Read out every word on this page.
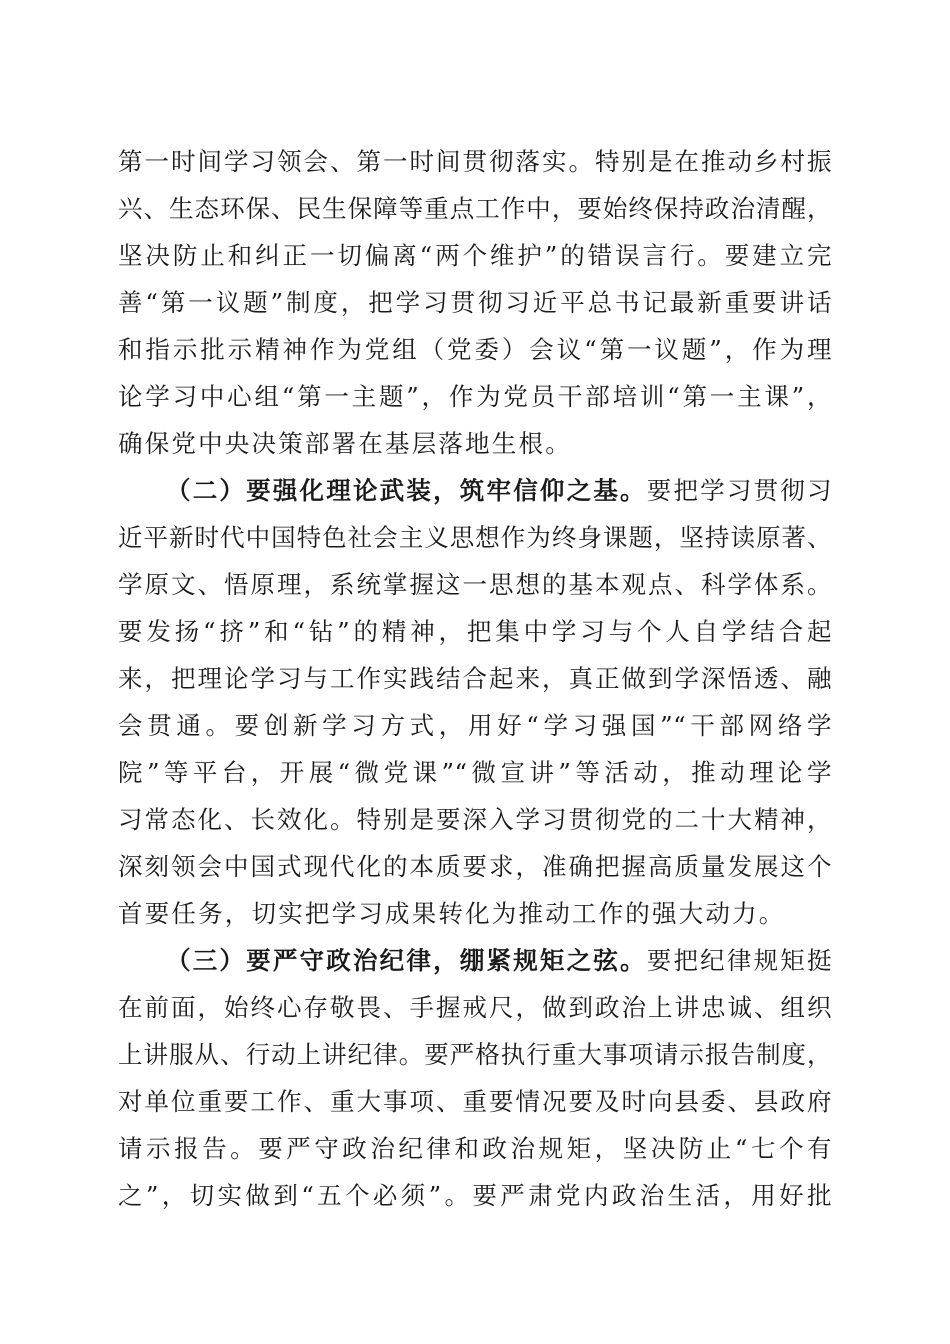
第一时间学习领会、第一时间贯彻落实。特别是在推动乡村振
兴、生态环保、民生保障等重点工作中，要始终保持政治清醒，
坚决防止和纠正一切偏离“两个维护”的错误言行。要建立完
善“第一议题”制度，把学习贯彻习近平总书记最新重要讲话
和指示批示精神作为党组（党委）会议“第一议题”，作为理
论学习中心组“第一主题”，作为党员干部培训“第一主课”，
确保党中央决策部署在基层落地生根。
（二）要强化理论武装，筑牢信仰之基。要把学习贯彻习
近平新时代中国特色社会主义思想作为终身课题，坚持读原著、
学原文、悟原理，系统掌握这一思想的基本观点、科学体系。
要发扬“挤”和“钻”的精神，把集中学习与个人自学结合起
来，把理论学习与工作实践结合起来，真正做到学深悟透、融
会贯通。要创新学习方式，用好“学习强国”“干部网络学
院”等平台，开展“微党课”“微宣讲”等活动，推动理论学
习常态化、长效化。特别是要深入学习贯彻党的二十大精神，
深刻领会中国式现代化的本质要求，准确把握高质量发展这个
首要任务，切实把学习成果转化为推动工作的强大动力。
（三）要严守政治纪律，绷紧规矩之弦。要把纪律规矩挺
在前面，始终心存敬畏、手握戒尺，做到政治上讲忠诚、组织
上讲服从、行动上讲纪律。要严格执行重大事项请示报告制度，
对单位重要工作、重大事项、重要情况要及时向县委、县政府
请示报告。要严守政治纪律和政治规矩，坚决防止“七个有
之”，切实做到“五个必须”。要严肃党内政治生活，用好批
